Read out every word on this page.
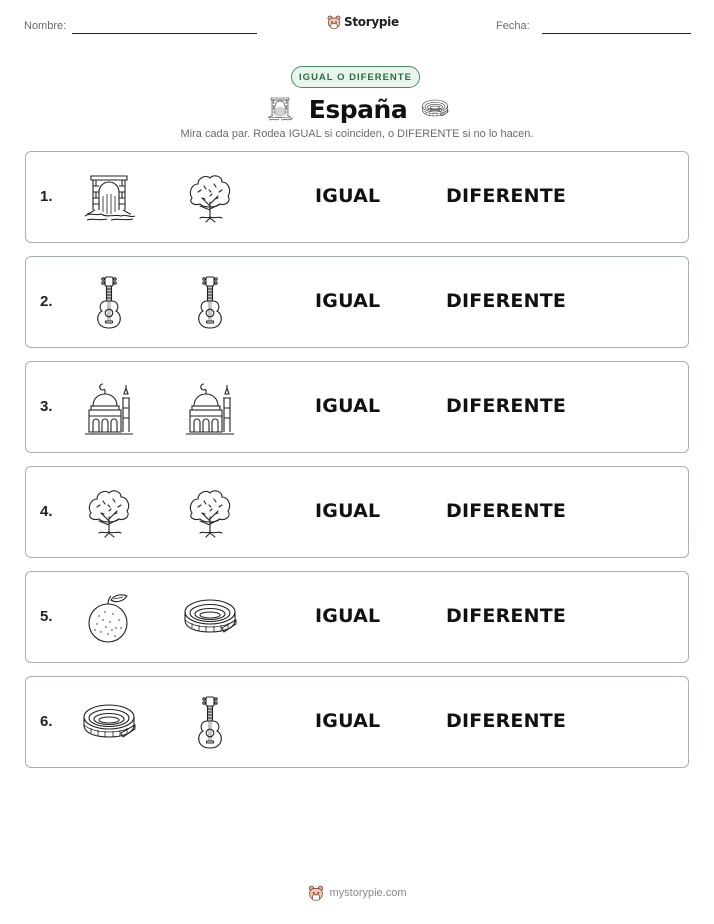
Nombre:	Storypie	Fecha:
IGUAL O DIFERENTE
España
Mira cada par. Rodea IGUAL si coinciden, o DIFERENTE si no lo hacen.
1.	IGUAL	DIFERENTE
2.	IGUAL	DIFERENTE
3.	IGUAL	DIFERENTE
4.	IGUAL	DIFERENTE
5.	IGUAL	DIFERENTE
6.	IGUAL	DIFERENTE
mystorypie.com
